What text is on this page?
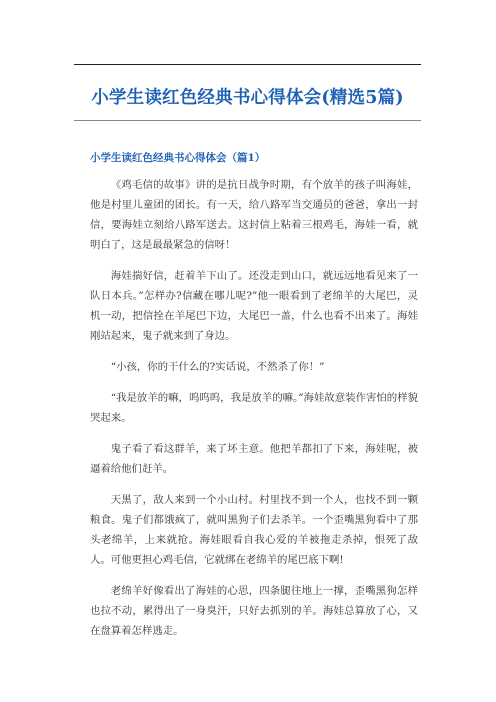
小学生读红色经典书心得体会(精选5篇)
小学生读红色经典书心得体会（篇1）

《鸡毛信的故事》讲的是抗日战争时期，有个放羊的孩子叫海娃，他是村里儿童团的团长。有一天，给八路军当交通员的爸爸，拿出一封信，要海娃立刻给八路军送去。这封信上粘着三根鸡毛，海娃一看，就明白了，这是最最紧急的信呀！

海娃揣好信，赶着羊下山了。还没走到山口，就远远地看见来了一队日本兵。”怎样办?信藏在哪儿呢?”他一眼看到了老绵羊的大尾巴，灵机一动，把信拴在羊尾巴下边，大尾巴一盖，什么也看不出来了。海娃刚站起来，鬼子就来到了身边。

“小孩，你的干什么的?实话说，不然杀了你！”

“我是放羊的嘛，呜呜呜，我是放羊的嘛。”海娃故意装作害怕的样貌哭起来。

鬼子看了看这群羊，来了坏主意。他把羊都扣了下来，海娃呢，被逼着给他们赶羊。

天黑了，敌人来到一个小山村。村里找不到一个人，也找不到一颗粮食。鬼子们都饿疯了，就叫黑狗子们去杀羊。一个歪嘴黑狗看中了那头老绵羊，上来就抢。海娃眼看自我心爱的羊被拖走杀掉，恨死了敌人。可他更担心鸡毛信，它就绑在老绵羊的尾巴底下啊!

老绵羊好像看出了海娃的心思，四条腿往地上一撑，歪嘴黑狗怎样也拉不动，累得出了一身臭汗，只好去抓别的羊。海娃总算放了心，又在盘算着怎样逃走。
